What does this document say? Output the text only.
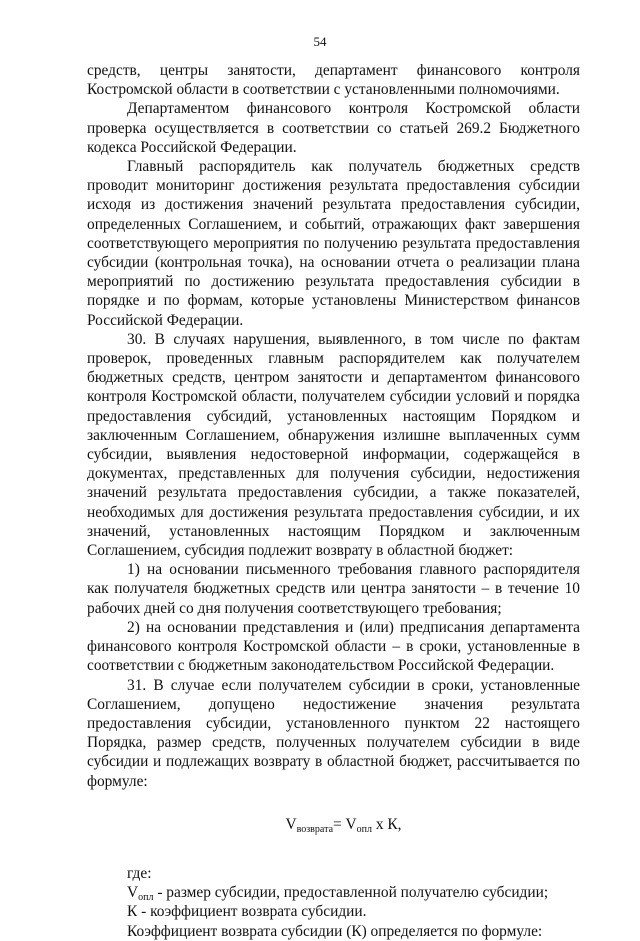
54

средств, центры занятости, департамент финансового контроля Костромской области в соответствии с установленными полномочиями.

Департаментом финансового контроля Костромской области проверка осуществляется в соответствии со статьей 269.2 Бюджетного кодекса Российской Федерации.

Главный распорядитель как получатель бюджетных средств проводит мониторинг достижения результата предоставления субсидии исходя из достижения значений результата предоставления субсидии, определенных Соглашением, и событий, отражающих факт завершения соответствующего мероприятия по получению результата предоставления субсидии (контрольная точка), на основании отчета о реализации плана мероприятий по достижению результата предоставления субсидии в порядке и по формам, которые установлены Министерством финансов Российской Федерации.

30. В случаях нарушения, выявленного, в том числе по фактам проверок, проведенных главным распорядителем как получателем бюджетных средств, центром занятости и департаментом финансового контроля Костромской области, получателем субсидии условий и порядка предоставления субсидий, установленных настоящим Порядком и заключенным Соглашением, обнаружения излишне выплаченных сумм субсидии, выявления недостоверной информации, содержащейся в документах, представленных для получения субсидии, недостижения значений результата предоставления субсидии, а также показателей, необходимых для достижения результата предоставления субсидии, и их значений, установленных настоящим Порядком и заключенным Соглашением, субсидия подлежит возврату в областной бюджет:

1) на основании письменного требования главного распорядителя как получателя бюджетных средств или центра занятости – в течение 10 рабочих дней со дня получения соответствующего требования;

2) на основании представления и (или) предписания департамента финансового контроля Костромской области – в сроки, установленные в соответствии с бюджетным законодательством Российской Федерации.

31. В случае если получателем субсидии в сроки, установленные Соглашением, допущено недостижение значения результата предоставления субсидии, установленного пунктом 22 настоящего Порядка, размер средств, полученных получателем субсидии в виде субсидии и подлежащих возврату в областной бюджет, рассчитывается по формуле:

$V_{возврата}= V_{опл}$ х К,

где:

$V_{опл}$ - размер субсидии, предоставленной получателю субсидии;

К - коэффициент возврата субсидии.

Коэффициент возврата субсидии (К) определяется по формуле:
